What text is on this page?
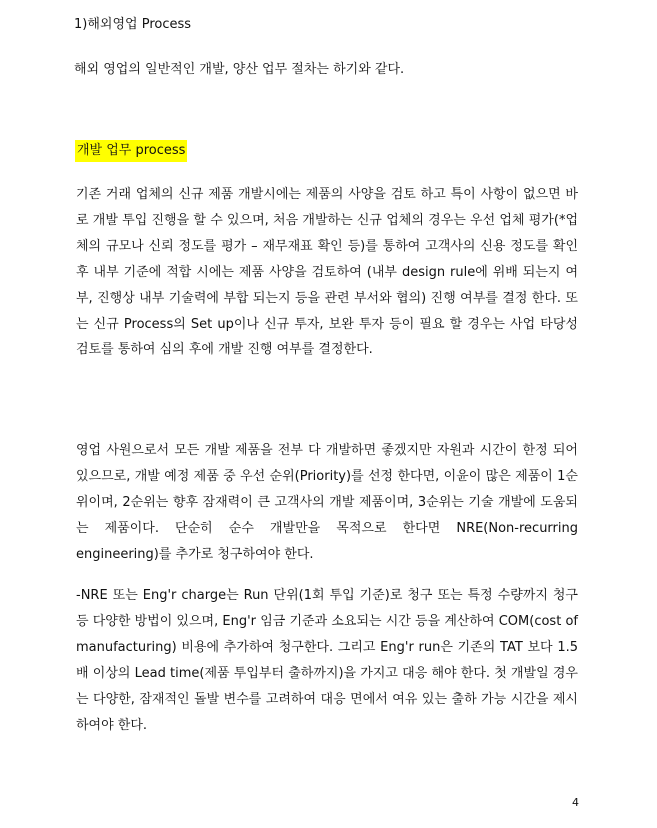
1)해외영업 Process
해외 영업의 일반적인 개발, 양산 업무 절차는 하기와 같다.
개발 업무 process

기존 거래 업체의 신규 제품 개발시에는 제품의 사양을 검토 하고 특이 사항이 없으면 바로 개발 투입 진행을 할 수 있으며, 처음 개발하는 신규 업체의 경우는 우선 업체 평가(*업체의 규모나 신뢰 정도를 평가 – 재무재표 확인 등)를 통하여 고객사의 신용 정도를 확인 후 내부 기준에 적합 시에는 제품 사양을 검토하여 (내부 design rule에 위배 되는지 여부, 진행상 내부 기술력에 부합 되는지 등을 관련 부서와 협의) 진행 여부를 결정 한다. 또는 신규 Process의 Set up이나 신규 투자, 보완 투자 등이 필요 할 경우는 사업 타당성 검토를 통하여 심의 후에 개발 진행 여부를 결정한다.

영업 사원으로서 모든 개발 제품을 전부 다 개발하면 좋겠지만 자원과 시간이 한정 되어 있으므로, 개발 예정 제품 중 우선 순위(Priority)를 선정 한다면, 이윤이 많은 제품이 1순위이며, 2순위는 향후 잠재력이 큰 고객사의 개발 제품이며, 3순위는 기술 개발에 도움되는 제품이다. 단순히 순수 개발만을 목적으로 한다면 NRE(Non-recurring engineering)를 추가로 청구하여야 한다.

-NRE 또는 Eng'r charge는 Run 단위(1회 투입 기준)로 청구 또는 특정 수량까지 청구 등 다양한 방법이 있으며, Eng'r 임금 기준과 소요되는 시간 등을 계산하여 COM(cost of manufacturing) 비용에 추가하여 청구한다. 그리고 Eng'r run은 기존의 TAT 보다 1.5배 이상의 Lead time(제품 투입부터 출하까지)을 가지고 대응 해야 한다. 첫 개발일 경우는 다양한, 잠재적인 돌발 변수를 고려하여 대응 면에서 여유 있는 출하 가능 시간을 제시 하여야 한다.

4
